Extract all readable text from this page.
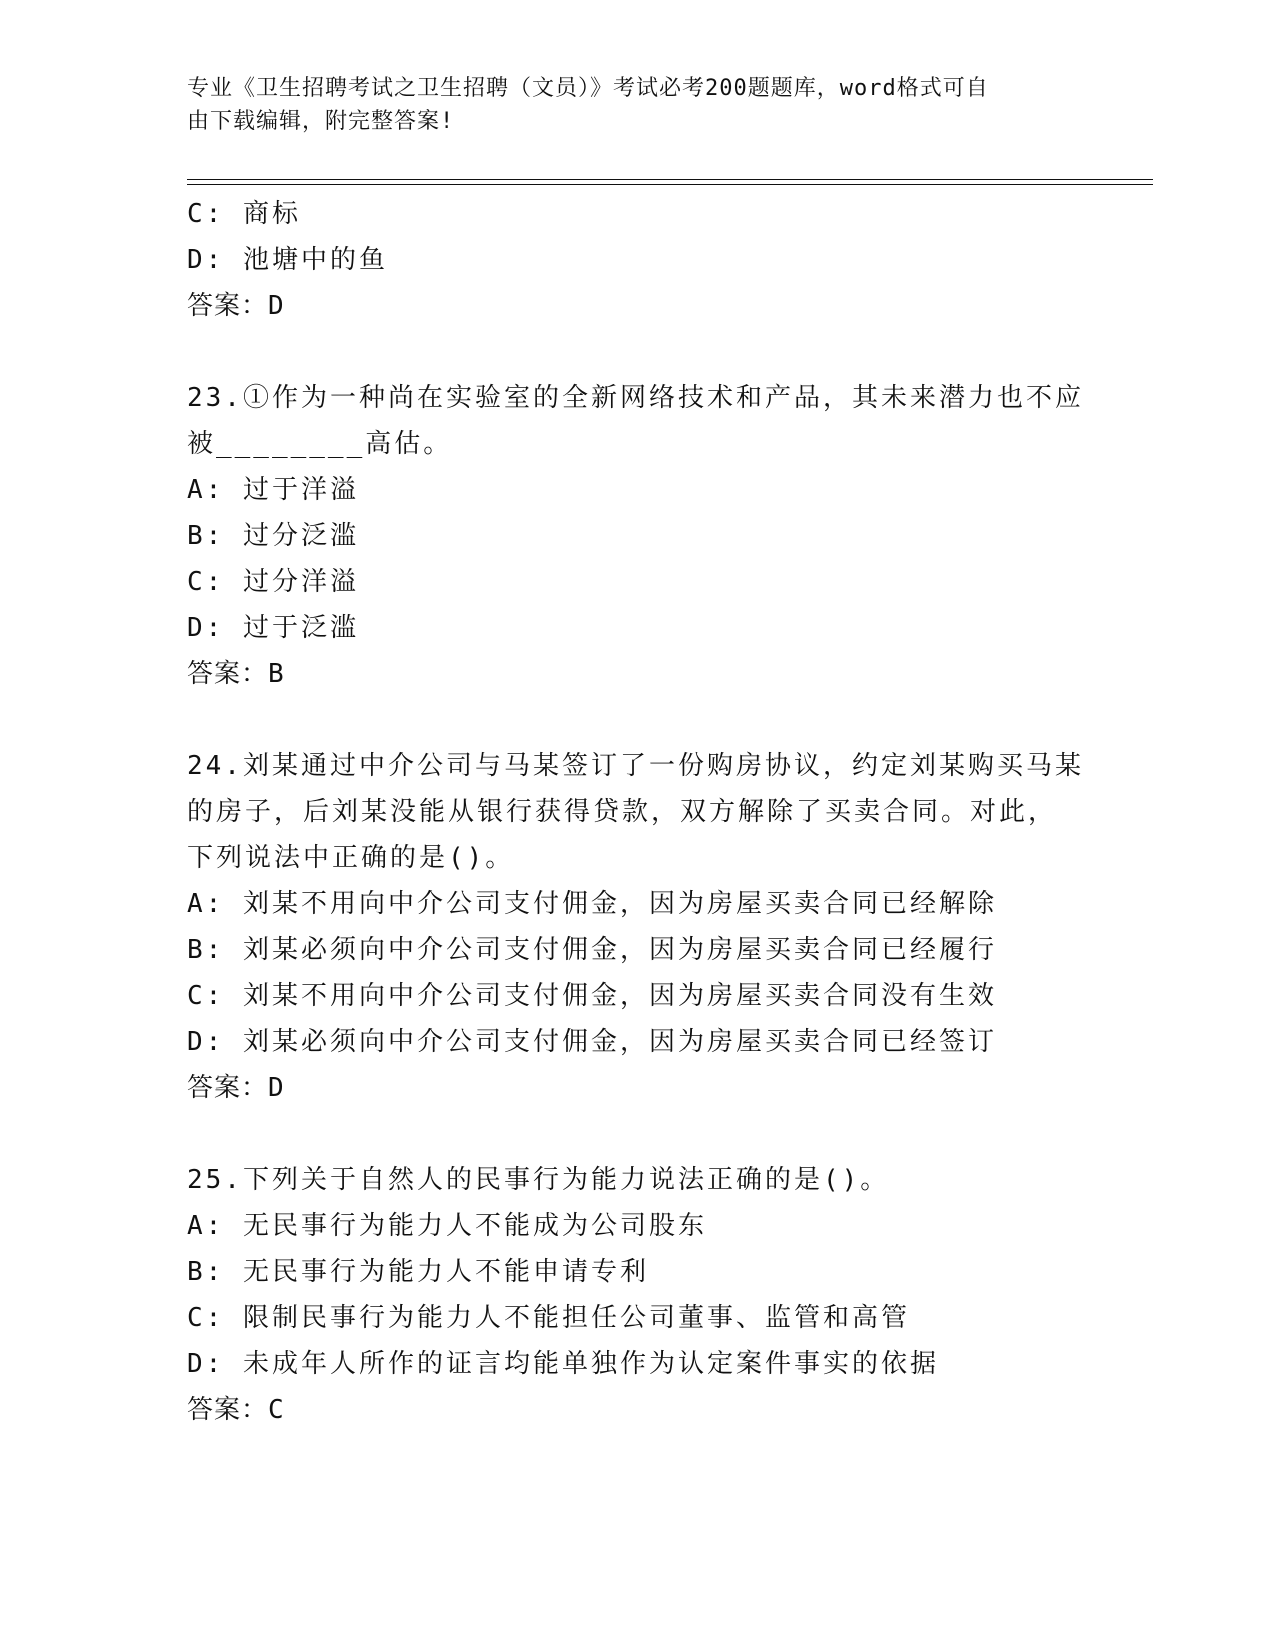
专业《卫生招聘考试之卫生招聘（文员）》考试必考200题题库，word格式可自
由下载编辑，附完整答案!
C: 商标
D: 池塘中的鱼
答案：D
23.①作为一种尚在实验室的全新网络技术和产品，其未来潜力也不应
被________高估。
A: 过于洋溢
B: 过分泛滥
C: 过分洋溢
D: 过于泛滥
答案：B
24.刘某通过中介公司与马某签订了一份购房协议，约定刘某购买马某
的房子，后刘某没能从银行获得贷款，双方解除了买卖合同。对此，
下列说法中正确的是()。
A: 刘某不用向中介公司支付佣金，因为房屋买卖合同已经解除
B: 刘某必须向中介公司支付佣金，因为房屋买卖合同已经履行
C: 刘某不用向中介公司支付佣金，因为房屋买卖合同没有生效
D: 刘某必须向中介公司支付佣金，因为房屋买卖合同已经签订
答案：D
25.下列关于自然人的民事行为能力说法正确的是()。
A: 无民事行为能力人不能成为公司股东
B: 无民事行为能力人不能申请专利
C: 限制民事行为能力人不能担任公司董事、监管和高管
D: 未成年人所作的证言均能单独作为认定案件事实的依据
答案：C
